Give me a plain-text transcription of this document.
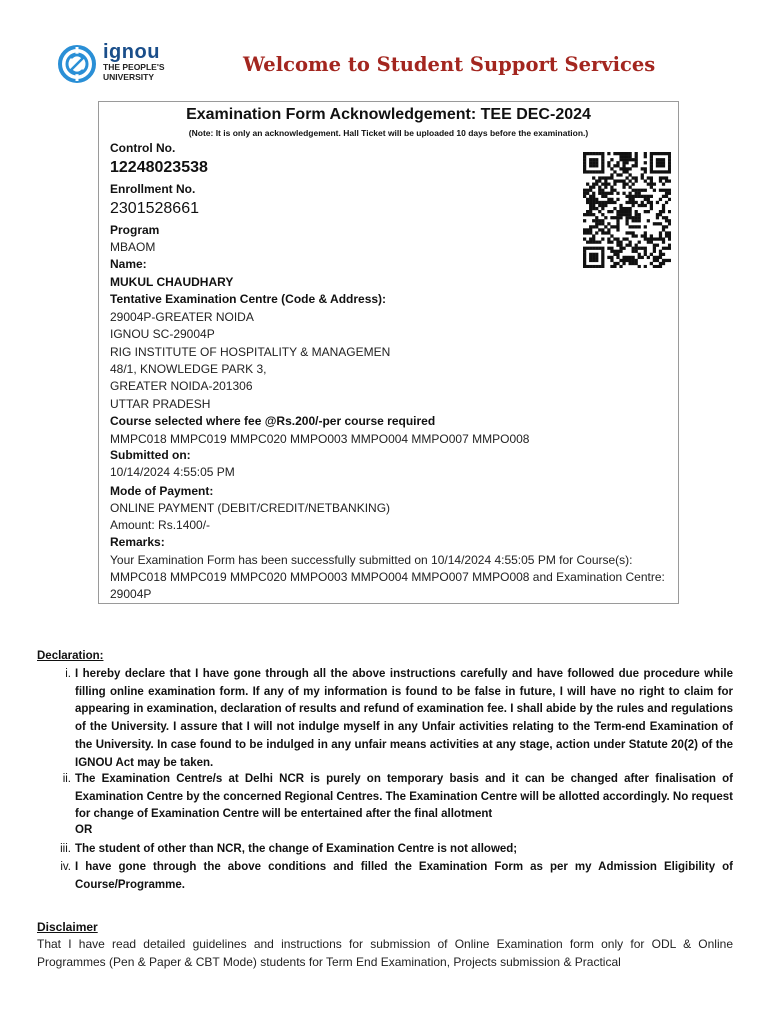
ignou
THE PEOPLE'S
UNIVERSITY
Welcome to Student Support Services
Examination Form Acknowledgement: TEE DEC-2024
(Note: It is only an acknowledgement. Hall Ticket will be uploaded 10 days before the examination.)
Control No.
12248023538
Enrollment No.
2301528661
Program
MBAOM
Name:
MUKUL CHAUDHARY
Tentative Examination Centre (Code & Address):
29004P-GREATER NOIDA
IGNOU SC-29004P
RIG INSTITUTE OF HOSPITALITY & MANAGEMEN
48/1, KNOWLEDGE PARK 3,
GREATER NOIDA-201306
UTTAR PRADESH
Course selected where fee @Rs.200/-per course required
MMPC018 MMPC019 MMPC020 MMPO003 MMPO004 MMPO007 MMPO008
Submitted on:
10/14/2024 4:55:05 PM
Mode of Payment:
ONLINE PAYMENT (DEBIT/CREDIT/NETBANKING)
Amount: Rs.1400/-
Remarks:
Your Examination Form has been successfully submitted on 10/14/2024 4:55:05 PM for Course(s): MMPC018 MMPC019 MMPC020 MMPO003 MMPO004 MMPO007 MMPO008 and Examination Centre: 29004P
Declaration:
i. I hereby declare that I have gone through all the above instructions carefully and have followed due procedure while filling online examination form. If any of my information is found to be false in future, I will have no right to claim for appearing in examination, declaration of results and refund of examination fee. I shall abide by the rules and regulations of the University. I assure that I will not indulge myself in any Unfair activities relating to the Term-end Examination of the University. In case found to be indulged in any unfair means activities at any stage, action under Statute 20(2) of the IGNOU Act may be taken.
ii. The Examination Centre/s at Delhi NCR is purely on temporary basis and it can be changed after finalisation of Examination Centre by the concerned Regional Centres. The Examination Centre will be allotted accordingly. No request for change of Examination Centre will be entertained after the final allotment
OR
iii. The student of other than NCR, the change of Examination Centre is not allowed;
iv. I have gone through the above conditions and filled the Examination Form as per my Admission Eligibility of Course/Programme.
Disclaimer
That I have read detailed guidelines and instructions for submission of Online Examination form only for ODL & Online Programmes (Pen & Paper & CBT Mode) students for Term End Examination, Projects submission & Practical
